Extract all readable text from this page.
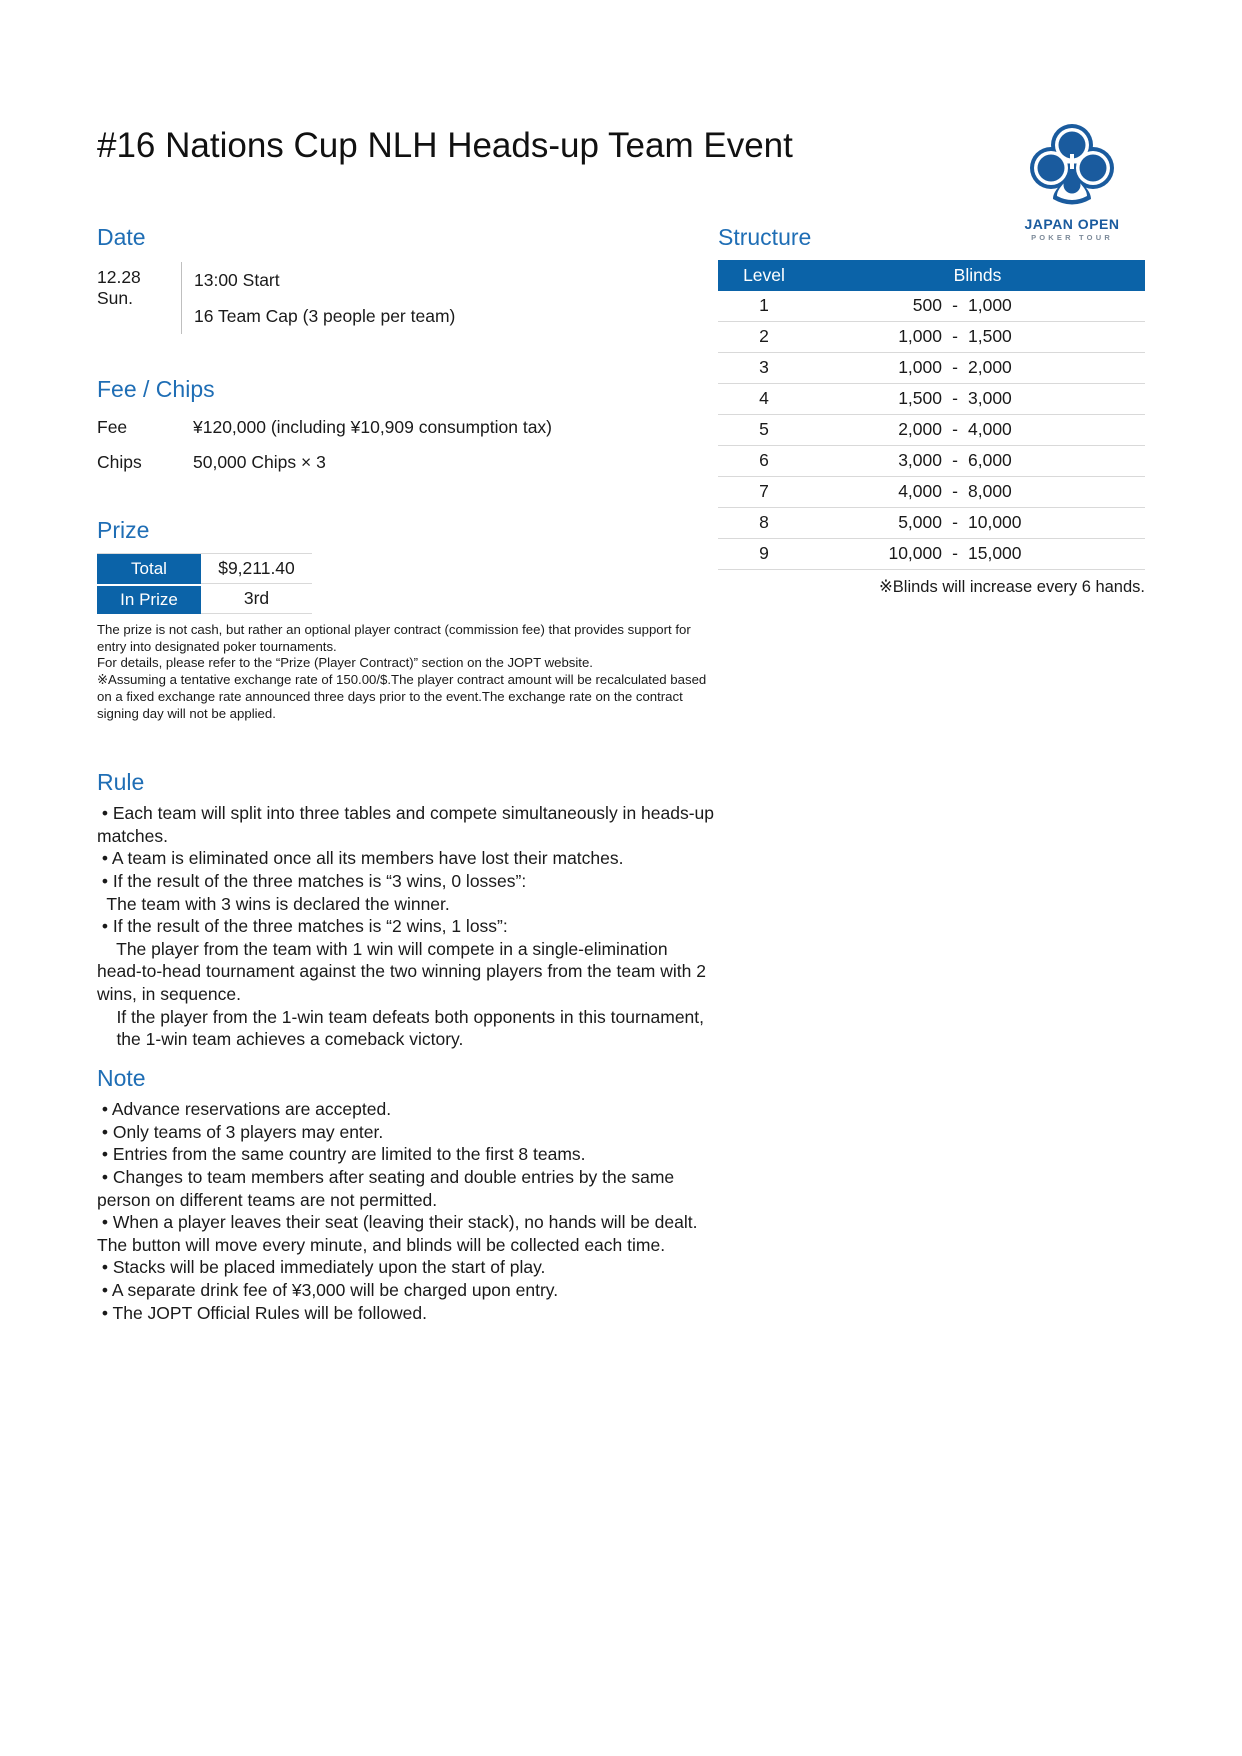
JAPAN OPEN
POKER TOUR
#16 Nations Cup NLH Heads-up Team Event
Date
12.28 Sun.
13:00 Start
16 Team Cap (3 people per team)
Fee / Chips
Fee	¥120,000 (including ¥10,909 consumption tax)
Chips	50,000 Chips × 3
Prize
Total	$9,211.40
In Prize	3rd
The prize is not cash, but rather an optional player contract (commission fee) that provides support for
entry into designated poker tournaments.
For details, please refer to the “Prize (Player Contract)” section on the JOPT website.
※Assuming a tentative exchange rate of 150.00/$.The player contract amount will be recalculated based
on a fixed exchange rate announced three days prior to the event.The exchange rate on the contract
signing day will not be applied.
Rule
• Each team will split into three tables and compete simultaneously in heads-up
matches.
• A team is eliminated once all its members have lost their matches.
• If the result of the three matches is “3 wins, 0 losses”:
The team with 3 wins is declared the winner.
• If the result of the three matches is “2 wins, 1 loss”:
The player from the team with 1 win will compete in a single-elimination
head-to-head tournament against the two winning players from the team with 2
wins, in sequence.
If the player from the 1-win team defeats both opponents in this tournament,
the 1-win team achieves a comeback victory.
Note
• Advance reservations are accepted.
• Only teams of 3 players may enter.
• Entries from the same country are limited to the first 8 teams.
• Changes to team members after seating and double entries by the same
person on different teams are not permitted.
• When a player leaves their seat (leaving their stack), no hands will be dealt.
The button will move every minute, and blinds will be collected each time.
• Stacks will be placed immediately upon the start of play.
• A separate drink fee of ¥3,000 will be charged upon entry.
• The JOPT Official Rules will be followed.
Structure
Level	Blinds
1	500 - 1,000
2	1,000 - 1,500
3	1,000 - 2,000
4	1,500 - 3,000
5	2,000 - 4,000
6	3,000 - 6,000
7	4,000 - 8,000
8	5,000 - 10,000
9	10,000 - 15,000
※Blinds will increase every 6 hands.
